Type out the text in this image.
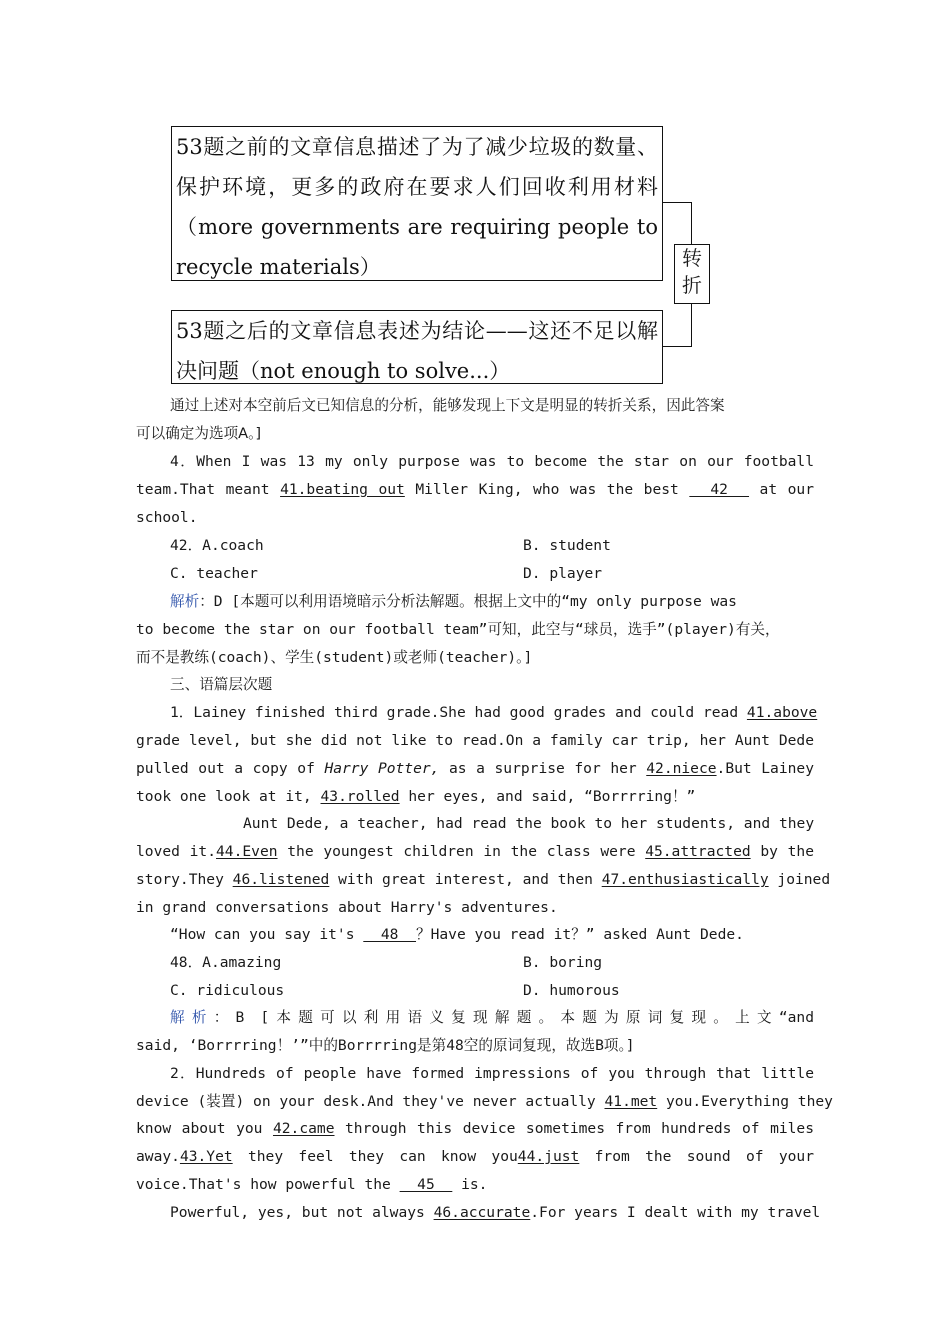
53题之前的文章信息描述了为了减少垃圾的数量、保护环境，更多的政府在要求人们回收利用材料（more governments are requiring people to recycle materials）
53题之后的文章信息表述为结论——这还不足以解决问题（not enough to solve...）
转折
通过上述对本空前后文已知信息的分析，能够发现上下文是明显的转折关系，因此答案
可以确定为选项A。]
4．When I was 13 my only purpose was to become the star on our football
team.That meant 41.beating out Miller King, who was the best   42   at our
school.
42．A.coach	B. student
C. teacher	D. player
解析：D [本题可以利用语境暗示分析法解题。根据上文中的“my only purpose was
to become the star on our football team”可知，此空与“球员，选手”(player)有关，
而不是教练(coach)、学生(student)或老师(teacher)。]
三、语篇层次题
1．Lainey finished third grade.She had good grades and could read 41.above
grade level, but she did not like to read.On a family car trip, her Aunt Dede
pulled out a copy of Harry Potter, as a surprise for her 42.niece.But Lainey
took one look at it, 43.rolled her eyes, and said, “Borrrring！”
Aunt Dede, a teacher, had read the book to her students, and they
loved it.44.Even the youngest children in the class were 45.attracted by the
story.They 46.listened with great interest, and then 47.enthusiastically joined
in grand conversations about Harry's adventures.
“How can you say it's   48  ？Have you read it？” asked Aunt Dede.
48．A.amazing	B. boring
C. ridiculous	D. humorous
解析：B [本题可以利用语义复现解题。本题为原词复现。上文“and
said, ‘Borrrring！’”中的Borrrring是第48空的原词复现，故选B项。]
2．Hundreds of people have formed impressions of you through that little
device (装置) on your desk.And they've never actually 41.met you.Everything they
know about you 42.came through this device sometimes from hundreds of miles
away.43.Yet they feel they can know you44.just from the sound of your
voice.That's how powerful the   45   is.
Powerful, yes, but not always 46.accurate.For years I dealt with my travel
